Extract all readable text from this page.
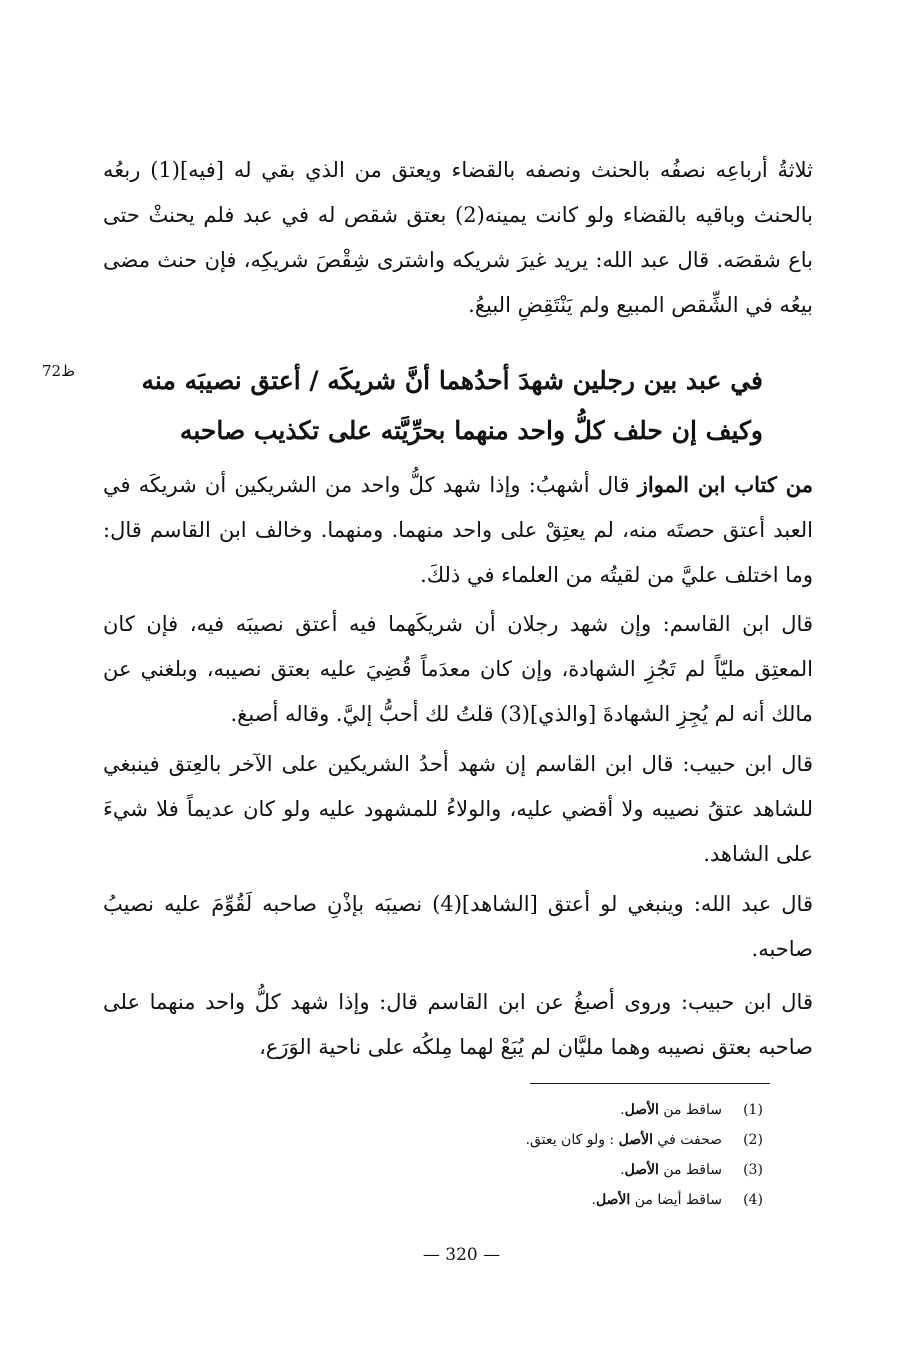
ثلاثةُ أرباعِه نصفُه بالحنث ونصفه بالقضاء ويعتق من الذي بقي له [فيه](1) ربعُه بالحنث وباقيه بالقضاء ولو كانت يمينه(2) بعتق شقص له في عبد فلم يحنثْ حتى باع شقصَه. قال عبد الله: يريد غيرَ شريكه واشترى شِقْصَ شريكِه، فإن حنث مضى بيعُه في الشِّقص المبيع ولم يَنْتَقِضِ البيعُ.
في عبد بين رجلين شهدَ أحدُهما أنَّ شريكَه / أعتق نصيبَه منه وكيف إن حلف كلُّ واحد منهما بحرِّيَّته على تكذيب صاحبه
ظ72
من كتاب ابن المواز قال أشهبُ: وإذا شهد كلُّ واحد من الشريكين أن شريكَه في العبد أعتق حصتَه منه، لم يعتِقْ على واحد منهما. ومنهما. وخالف ابن القاسم قال: وما اختلف عليَّ من لقيتُه من العلماء في ذلكَ.
قال ابن القاسم: وإن شهد رجلان أن شريكَهما فيه أعتق نصيبَه فيه، فإن كان المعتِق مليّاً لم تَجُزِ الشهادة، وإن كان معدَماً قُضِيَ عليه بعتق نصيبه، وبلغني عن مالك أنه لم يُجِزِ الشهادةَ [والذي](3) قلتُ لك أحبُّ إليَّ. وقاله أصبغ.
قال ابن حبيب: قال ابن القاسم إن شهد أحدُ الشريكين على الآخر بالعِتق فينبغي للشاهد عتقُ نصيبه ولا أقضي عليه، والولاءُ للمشهود عليه ولو كان عديماً فلا شيءَ على الشاهد.
قال عبد الله: وينبغي لو أعتق [الشاهد](4) نصيبَه بإذْنِ صاحبه لَقُوِّمَ عليه نصيبُ صاحبه.
قال ابن حبيب: وروى أصبغُ عن ابن القاسم قال: وإذا شهد كلُّ واحد منهما على صاحبه بعتق نصيبه وهما مليَّان لم يُبَعْ لهما مِلكُه على ناحية الوَرَع،
(1)
ساقط من الأصل.
(2)
صحفت في الأصل : ولو كان يعتق.
(3)
ساقط من الأصل.
(4)
ساقط أيضا من الأصل.
— 320 —
